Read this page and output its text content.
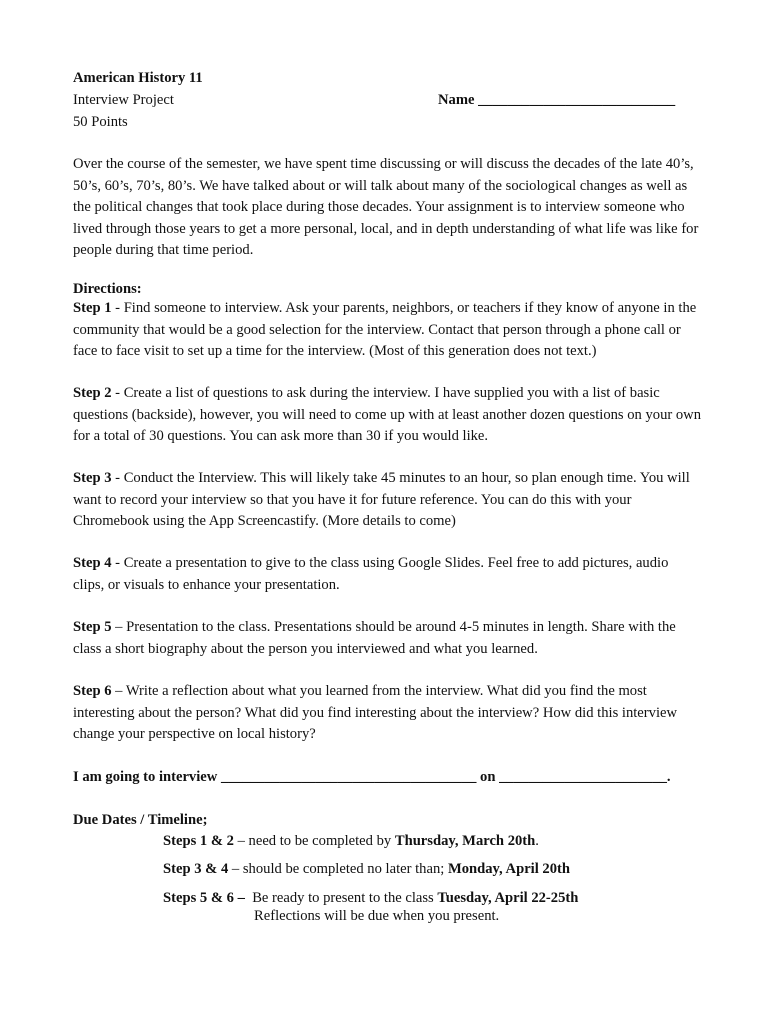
American History 11
Interview Project
50 Points
Name ___________________________

Over the course of the semester, we have spent time discussing or will discuss the decades of the late 40’s, 50’s, 60’s, 70’s, 80’s. We have talked about or will talk about many of the sociological changes as well as the political changes that took place during those decades. Your assignment is to interview someone who lived through those years to get a more personal, local, and in depth understanding of what life was like for people during that time period.

Directions:

Step 1 - Find someone to interview. Ask your parents, neighbors, or teachers if they know of anyone in the community that would be a good selection for the interview. Contact that person through a phone call or face to face visit to set up a time for the interview. (Most of this generation does not text.)

Step 2 - Create a list of questions to ask during the interview. I have supplied you with a list of basic questions (backside), however, you will need to come up with at least another dozen questions on your own for a total of 30 questions. You can ask more than 30 if you would like.

Step 3 - Conduct the Interview. This will likely take 45 minutes to an hour, so plan enough time. You will want to record your interview so that you have it for future reference. You can do this with your Chromebook using the App Screencastify. (More details to come)

Step 4 - Create a presentation to give to the class using Google Slides. Feel free to add pictures, audio clips, or visuals to enhance your presentation.

Step 5 – Presentation to the class. Presentations should be around 4-5 minutes in length. Share with the class a short biography about the person you interviewed and what you learned.

Step 6 – Write a reflection about what you learned from the interview. What did you find the most interesting about the person? What did you find interesting about the interview? How did this interview change your perspective on local history?

I am going to interview ___________________________________ on _______________________.
Due Dates / Timeline;
Steps 1 & 2 – need to be completed by Thursday, March 20th.
Step 3 & 4 – should be completed no later than; Monday, April 20th
Steps 5 & 6 –  Be ready to present to the class Tuesday, April 22-25th
Reflections will be due when you present.
